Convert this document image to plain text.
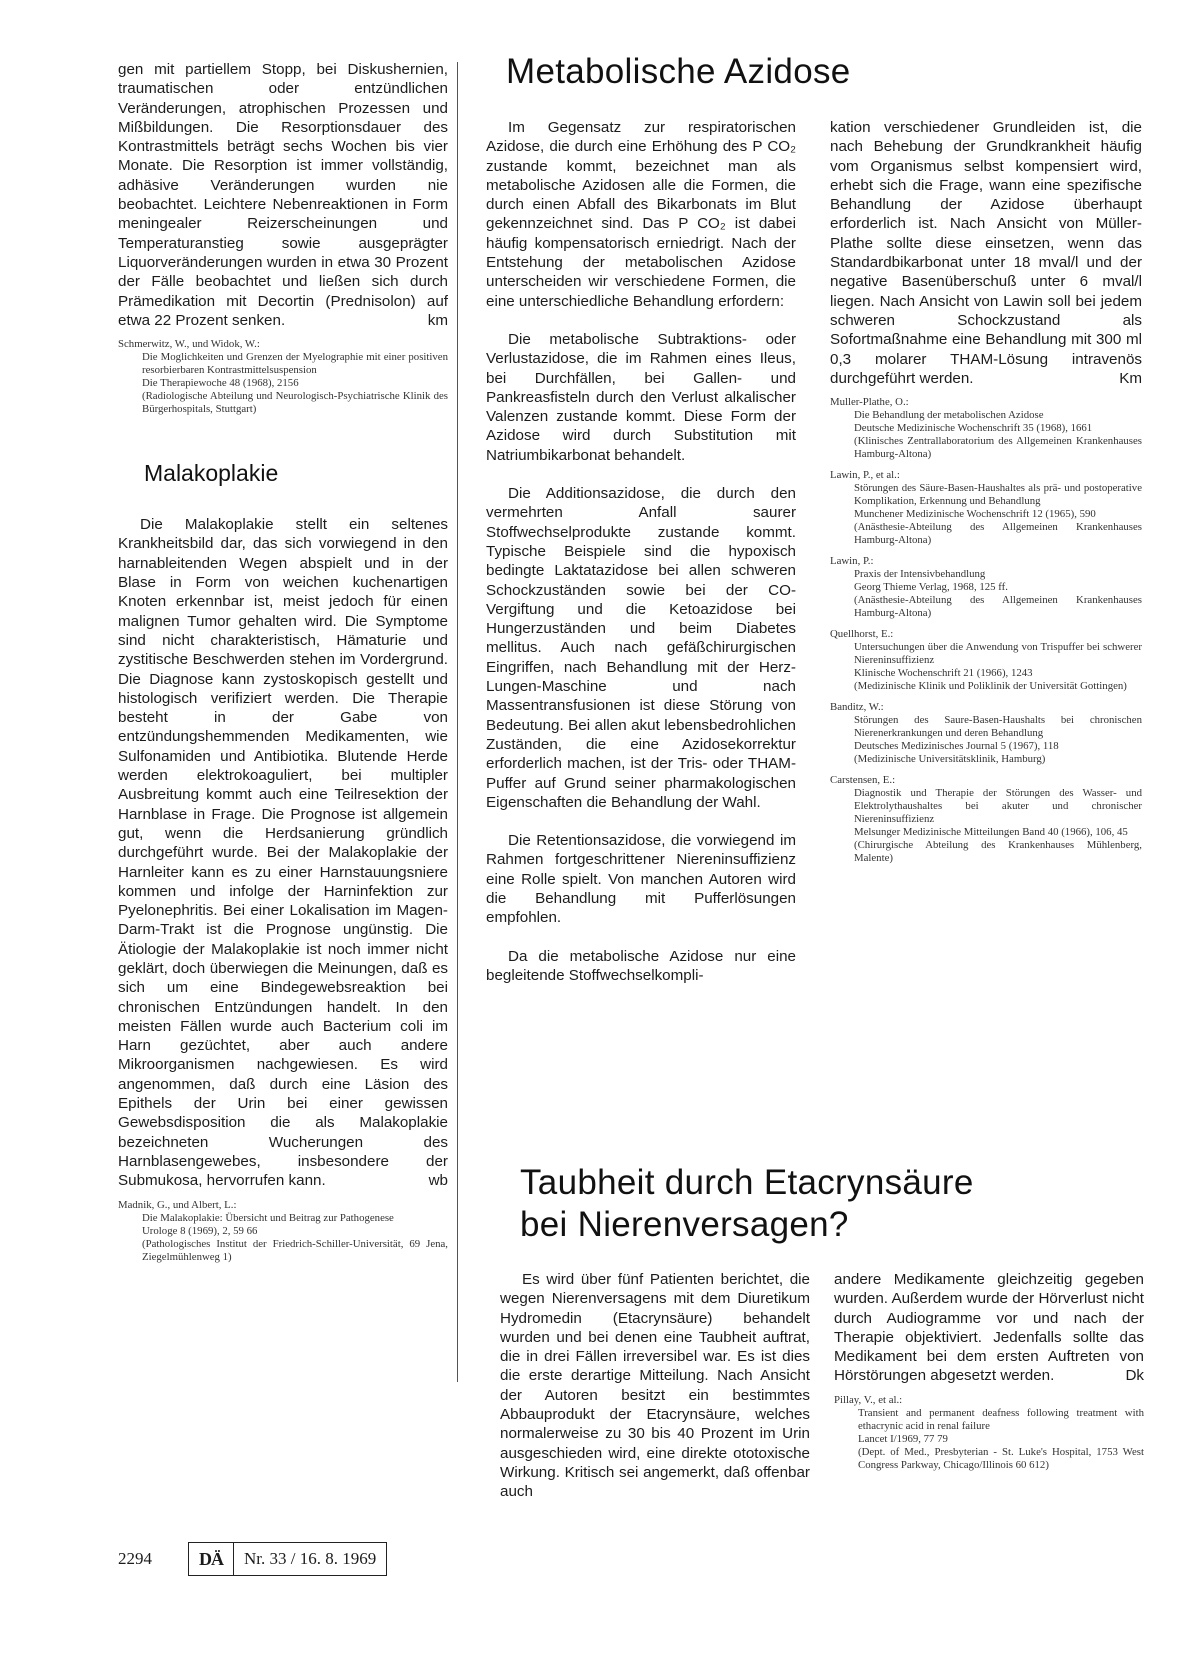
gen mit partiellem Stopp, bei Diskushernien, traumatischen oder entzündlichen Veränderungen, atrophischen Prozessen und Mißbildungen. Die Resorptionsdauer des Kontrastmittels beträgt sechs Wochen bis vier Monate. Die Resorption ist immer vollständig, adhäsive Veränderungen wurden nie beobachtet. Leichtere Nebenreaktionen in Form meningealer Reizerscheinungen und Temperaturanstieg sowie ausgeprägter Liquorveränderungen wurden in etwa 30 Prozent der Fälle beobachtet und ließen sich durch Prämedikation mit Decortin (Prednisolon) auf etwa 22 Prozent senken.	km

Schmerwitz, W., und Widok, W.:

Die Moglichkeiten und Grenzen der Myelographie mit einer positiven resorbierbaren Kontrastmittelsuspension

Die Therapiewoche 48 (1968), 2156

(Radiologische Abteilung und Neurologisch-Psychiatrische Klinik des Bürgerhospitals, Stuttgart)

Malakoplakie

Die Malakoplakie stellt ein seltenes Krankheitsbild dar, das sich vorwiegend in den harnableitenden Wegen abspielt und in der Blase in Form von weichen kuchenartigen Knoten erkennbar ist, meist jedoch für einen malignen Tumor gehalten wird. Die Symptome sind nicht charakteristisch, Hämaturie und zystitische Beschwerden stehen im Vordergrund. Die Diagnose kann zystoskopisch gestellt und histologisch verifiziert werden. Die Therapie besteht in der Gabe von entzündungshemmenden Medikamenten, wie Sulfonamiden und Antibiotika. Blutende Herde werden elektrokoaguliert, bei multipler Ausbreitung kommt auch eine Teilresektion der Harnblase in Frage. Die Prognose ist allgemein gut, wenn die Herdsanierung gründlich durchgeführt wurde. Bei der Malakoplakie der Harnleiter kann es zu einer Harnstauungsniere kommen und infolge der Harninfektion zur Pyelonephritis. Bei einer Lokalisation im Magen-Darm-Trakt ist die Prognose ungünstig. Die Ätiologie der Malakoplakie ist noch immer nicht geklärt, doch überwiegen die Meinungen, daß es sich um eine Bindegewebsreaktion bei chronischen Entzündungen handelt. In den meisten Fällen wurde auch Bacterium coli im Harn gezüchtet, aber auch andere Mikroorganismen nachgewiesen. Es wird angenommen, daß durch eine Läsion des Epithels der Urin bei einer gewissen Gewebsdisposition die als Malakoplakie bezeichneten Wucherungen des Harnblasengewebes, insbesondere der Submukosa, hervorrufen kann.	wb

Madnik, G., und Albert, L.:

Die Malakoplakie: Übersicht und Beitrag zur Pathogenese

Urologe 8 (1969), 2, 59 66

(Pathologisches Institut der Friedrich-Schiller-Universität, 69 Jena, Ziegelmühlenweg 1)

Metabolische Azidose

Im Gegensatz zur respiratorischen Azidose, die durch eine Erhöhung des P CO₂ zustande kommt, bezeichnet man als metabolische Azidosen alle die Formen, die durch einen Abfall des Bikarbonats im Blut gekennzeichnet sind. Das P CO₂ ist dabei häufig kompensatorisch erniedrigt. Nach der Entstehung der metabolischen Azidose unterscheiden wir verschiedene Formen, die eine unterschiedliche Behandlung erfordern:

Die metabolische Subtraktions- oder Verlustazidose, die im Rahmen eines Ileus, bei Durchfällen, bei Gallen- und Pankreasfisteln durch den Verlust alkalischer Valenzen zustande kommt. Diese Form der Azidose wird durch Substitution mit Natriumbikarbonat behandelt.

Die Additionsazidose, die durch den vermehrten Anfall saurer Stoffwechselprodukte zustande kommt. Typische Beispiele sind die hypoxisch bedingte Laktatazidose bei allen schweren Schockzuständen sowie bei der CO-Vergiftung und die Ketoazidose bei Hungerzuständen und beim Diabetes mellitus. Auch nach gefäßchirurgischen Eingriffen, nach Behandlung mit der Herz-Lungen-Maschine und nach Massentransfusionen ist diese Störung von Bedeutung. Bei allen akut lebensbedrohlichen Zuständen, die eine Azidosekorrektur erforderlich machen, ist der Tris- oder THAM-Puffer auf Grund seiner pharmakologischen Eigenschaften die Behandlung der Wahl.

Die Retentionsazidose, die vorwiegend im Rahmen fortgeschrittener Niereninsuffizienz eine Rolle spielt. Von manchen Autoren wird die Behandlung mit Pufferlösungen empfohlen.

Da die metabolische Azidose nur eine begleitende Stoffwechselkompli-

kation verschiedener Grundleiden ist, die nach Behebung der Grundkrankheit häufig vom Organismus selbst kompensiert wird, erhebt sich die Frage, wann eine spezifische Behandlung der Azidose überhaupt erforderlich ist. Nach Ansicht von Müller-Plathe sollte diese einsetzen, wenn das Standardbikarbonat unter 18 mval/l und der negative Basenüberschuß unter 6 mval/l liegen. Nach Ansicht von Lawin soll bei jedem schweren Schockzustand als Sofortmaßnahme eine Behandlung mit 300 ml 0,3 molarer THAM-Lösung intravenös durchgeführt werden.	Km

Muller-Plathe, O.:

Die Behandlung der metabolischen Azidose

Deutsche Medizinische Wochenschrift 35 (1968), 1661

(Klinisches Zentrallaboratorium des Allgemeinen Krankenhauses Hamburg-Altona)

Lawin, P., et al.:

Störungen des Säure-Basen-Haushaltes als prä- und postoperative Komplikation, Erkennung und Behandlung

Munchener Medizinische Wochenschrift 12 (1965), 590

(Anästhesie-Abteilung des Allgemeinen Krankenhauses Hamburg-Altona)

Lawin, P.:

Praxis der Intensivbehandlung

Georg Thieme Verlag, 1968, 125 ff.

(Anästhesie-Abteilung des Allgemeinen Krankenhauses Hamburg-Altona)

Quellhorst, E.:

Untersuchungen über die Anwendung von Trispuffer bei schwerer Niereninsuffizienz

Klinische Wochenschrift 21 (1966), 1243

(Medizinische Klinik und Poliklinik der Universität Gottingen)

Banditz, W.:

Störungen des Saure-Basen-Haushalts bei chronischen Nierenerkrankungen und deren Behandlung

Deutsches Medizinisches Journal 5 (1967), 118

(Medizinische Universitätsklinik, Hamburg)

Carstensen, E.:

Diagnostik und Therapie der Störungen des Wasser- und Elektrolythaushaltes bei akuter und chronischer Niereninsuffizienz

Melsunger Medizinische Mitteilungen Band 40 (1966), 106, 45

(Chirurgische Abteilung des Krankenhauses Mühlenberg, Malente)

Taubheit durch Etacrynsäure
bei Nierenversagen?

Es wird über fünf Patienten berichtet, die wegen Nierenversagens mit dem Diuretikum Hydromedin (Etacrynsäure) behandelt wurden und bei denen eine Taubheit auftrat, die in drei Fällen irreversibel war. Es ist dies die erste derartige Mitteilung. Nach Ansicht der Autoren besitzt ein bestimmtes Abbauprodukt der Etacrynsäure, welches normalerweise zu 30 bis 40 Prozent im Urin ausgeschieden wird, eine direkte ototoxische Wirkung. Kritisch sei angemerkt, daß offenbar auch

andere Medikamente gleichzeitig gegeben wurden. Außerdem wurde der Hörverlust nicht durch Audiogramme vor und nach der Therapie objektiviert. Jedenfalls sollte das Medikament bei dem ersten Auftreten von Hörstörungen abgesetzt werden.	Dk

Pillay, V., et al.:

Transient and permanent deafness following treatment with ethacrynic acid in renal failure

Lancet I/1969, 77 79

(Dept. of Med., Presbyterian - St. Luke's Hospital, 1753 West Congress Parkway, Chicago/Illinois 60 612)

2294	DÄ	Nr. 33 / 16. 8. 1969
